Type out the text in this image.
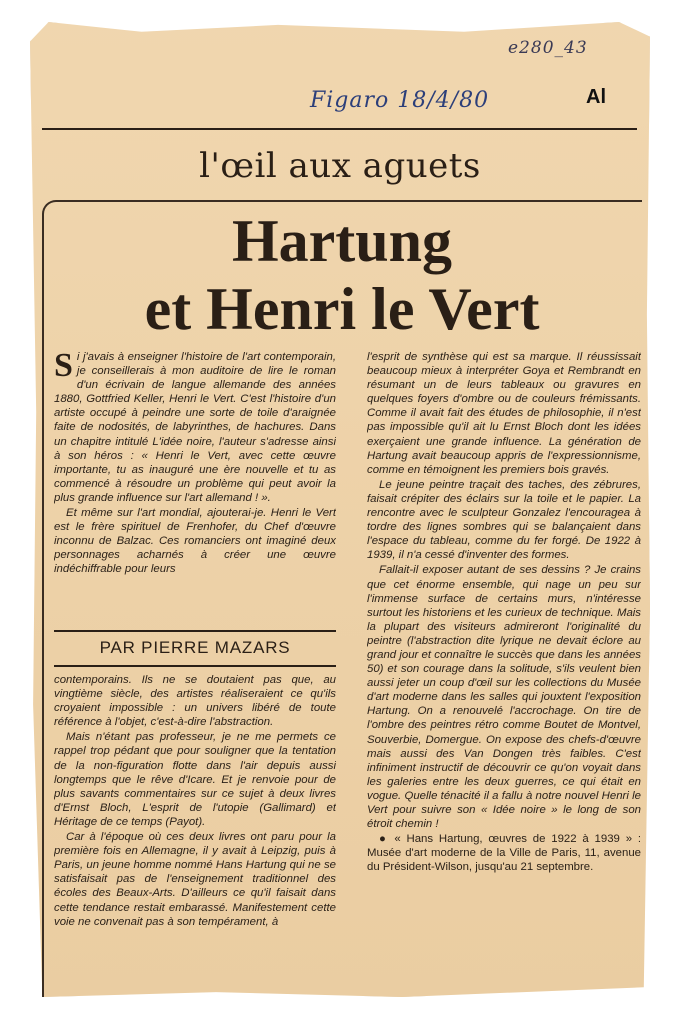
e280_43
Figaro 18/4/80	Al
l'œil aux aguets
Hartung
et Henri le Vert

Si j'avais à enseigner l'histoire de l'art contemporain, je conseillerais à mon auditoire de lire le roman d'un écrivain de langue allemande des années 1880, Gottfried Keller, Henri le Vert. C'est l'histoire d'un artiste occupé à peindre une sorte de toile d'araignée faite de nodosités, de labyrinthes, de hachures. Dans un chapitre intitulé L'idée noire, l'auteur s'adresse ainsi à son héros : « Henri le Vert, avec cette œuvre importante, tu as inauguré une ère nouvelle et tu as commencé à résoudre un problème qui peut avoir la plus grande influence sur l'art allemand ! ».

Et même sur l'art mondial, ajouterai-je. Henri le Vert est le frère spirituel de Frenhofer, du Chef d'œuvre inconnu de Balzac. Ces romanciers ont imaginé deux personnages acharnés à créer une œuvre indéchiffrable pour leurs

PAR PIERRE MAZARS

contemporains. Ils ne se doutaient pas que, au vingtième siècle, des artistes réaliseraient ce qu'ils croyaient impossible : un univers libéré de toute référence à l'objet, c'est-à-dire l'abstraction.

Mais n'étant pas professeur, je ne me permets ce rappel trop pédant que pour souligner que la tentation de la non-figuration flotte dans l'air depuis aussi longtemps que le rêve d'Icare. Et je renvoie pour de plus savants commentaires sur ce sujet à deux livres d'Ernst Bloch, L'esprit de l'utopie (Gallimard) et Héritage de ce temps (Payot).

Car à l'époque où ces deux livres ont paru pour la première fois en Allemagne, il y avait à Leipzig, puis à Paris, un jeune homme nommé Hans Hartung qui ne se satisfaisait pas de l'enseignement traditionnel des écoles des Beaux-Arts. D'ailleurs ce qu'il faisait dans cette tendance restait embarassé. Manifestement cette voie ne convenait pas à son tempérament, à

l'esprit de synthèse qui est sa marque. Il réussissait beaucoup mieux à interpréter Goya et Rembrandt en résumant un de leurs tableaux ou gravures en quelques foyers d'ombre ou de couleurs frémissants. Comme il avait fait des études de philosophie, il n'est pas impossible qu'il ait lu Ernst Bloch dont les idées exerçaient une grande influence. La génération de Hartung avait beaucoup appris de l'expressionnisme, comme en témoignent les premiers bois gravés.

Le jeune peintre traçait des taches, des zébrures, faisait crépiter des éclairs sur la toile et le papier. La rencontre avec le sculpteur Gonzalez l'encouragea à tordre des lignes sombres qui se balançaient dans l'espace du tableau, comme du fer forgé. De 1922 à 1939, il n'a cessé d'inventer des formes.

Fallait-il exposer autant de ses dessins ? Je crains que cet énorme ensemble, qui nage un peu sur l'immense surface de certains murs, n'intéresse surtout les historiens et les curieux de technique. Mais la plupart des visiteurs admireront l'originalité du peintre (l'abstraction dite lyrique ne devait éclore au grand jour et connaître le succès que dans les années 50) et son courage dans la solitude, s'ils veulent bien aussi jeter un coup d'œil sur les collections du Musée d'art moderne dans les salles qui jouxtent l'exposition Hartung. On a renouvelé l'accrochage. On tire de l'ombre des peintres rétro comme Boutet de Montvel, Souverbie, Domergue. On expose des chefs-d'œuvre mais aussi des Van Dongen très faibles. C'est infiniment instructif de découvrir ce qu'on voyait dans les galeries entre les deux guerres, ce qui était en vogue. Quelle ténacité il a fallu à notre nouvel Henri le Vert pour suivre son « Idée noire » le long de son étroit chemin !

● « Hans Hartung, œuvres de 1922 à 1939 » : Musée d'art moderne de la Ville de Paris, 11, avenue du Président-Wilson, jusqu'au 21 septembre.
